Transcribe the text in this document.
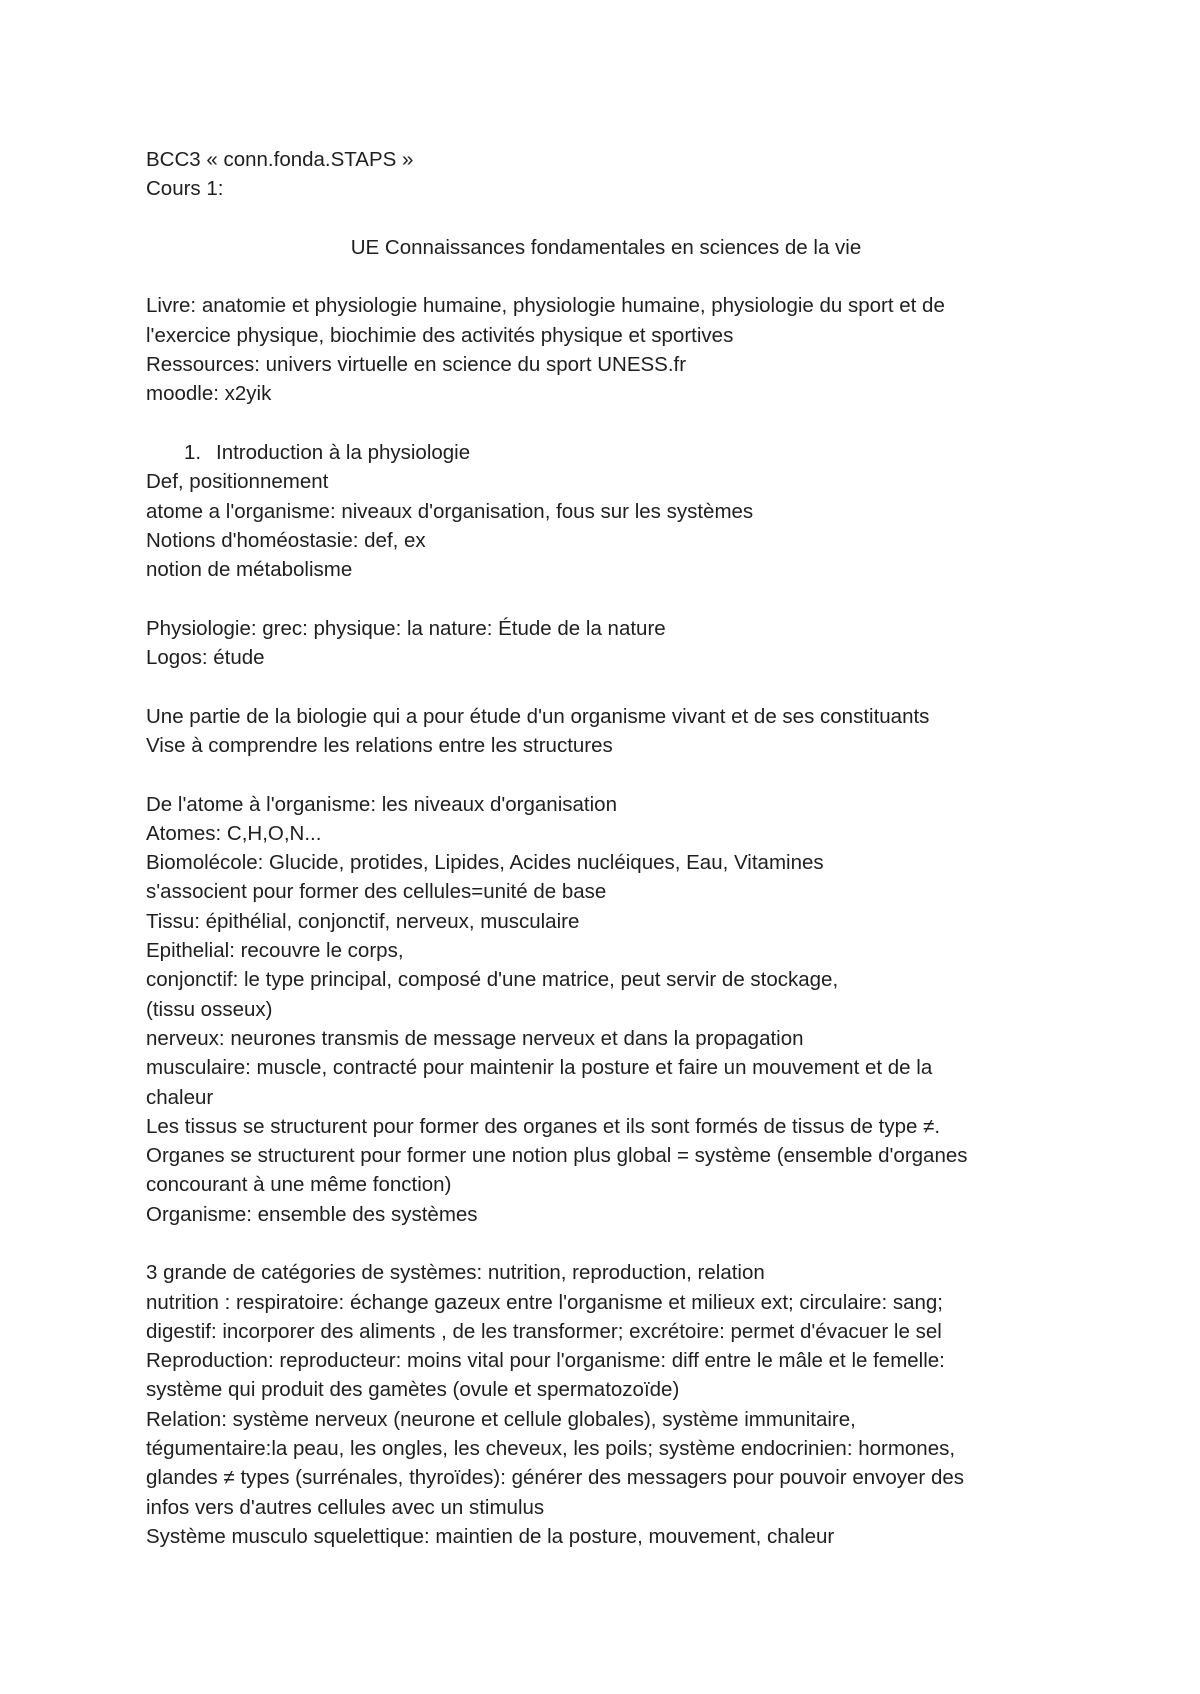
BCC3 « conn.fonda.STAPS »
Cours 1:
UE Connaissances fondamentales en sciences de la vie
Livre: anatomie et physiologie humaine, physiologie humaine, physiologie du sport et de
l'exercice physique, biochimie des activités physique et sportives
Ressources: univers virtuelle en science du sport UNESS.fr
moodle: x2yik
1. Introduction à la physiologie
Def, positionnement
atome a l'organisme: niveaux d'organisation, fous sur les systèmes
Notions d'homéostasie: def, ex
notion de métabolisme
Physiologie: grec: physique: la nature: Étude de la nature
Logos: étude
Une partie de la biologie qui a pour étude d'un organisme vivant et de ses constituants
Vise à comprendre les relations entre les structures
De l'atome à l'organisme: les niveaux d'organisation
Atomes: C,H,O,N...
Biomolécole: Glucide, protides, Lipides, Acides nucléiques, Eau, Vitamines
s'associent pour former des cellules=unité de base
Tissu: épithélial, conjonctif, nerveux, musculaire
Epithelial: recouvre le corps,
conjonctif: le type principal, composé d'une matrice, peut servir de stockage,
(tissu osseux)
nerveux: neurones transmis de message nerveux et dans la propagation
musculaire: muscle, contracté pour maintenir la posture et faire un mouvement et de la
chaleur
Les tissus se structurent pour former des organes et ils sont formés de tissus de type ≠.
Organes se structurent pour former une notion plus global = système (ensemble d'organes
concourant à une même fonction)
Organisme: ensemble des systèmes
3 grande de catégories de systèmes: nutrition, reproduction, relation
nutrition : respiratoire: échange gazeux entre l'organisme et milieux ext; circulaire: sang;
digestif: incorporer des aliments , de les transformer; excrétoire: permet d'évacuer le sel
Reproduction: reproducteur: moins vital pour l'organisme: diff entre le mâle et le femelle:
système qui produit des gamètes (ovule et spermatozoïde)
Relation: système nerveux (neurone et cellule globales), système immunitaire,
tégumentaire:la peau, les ongles, les cheveux, les poils; système endocrinien: hormones,
glandes ≠ types (surrénales, thyroïdes): générer des messagers pour pouvoir envoyer des
infos vers d'autres cellules avec un stimulus
Système musculo squelettique: maintien de la posture, mouvement, chaleur
